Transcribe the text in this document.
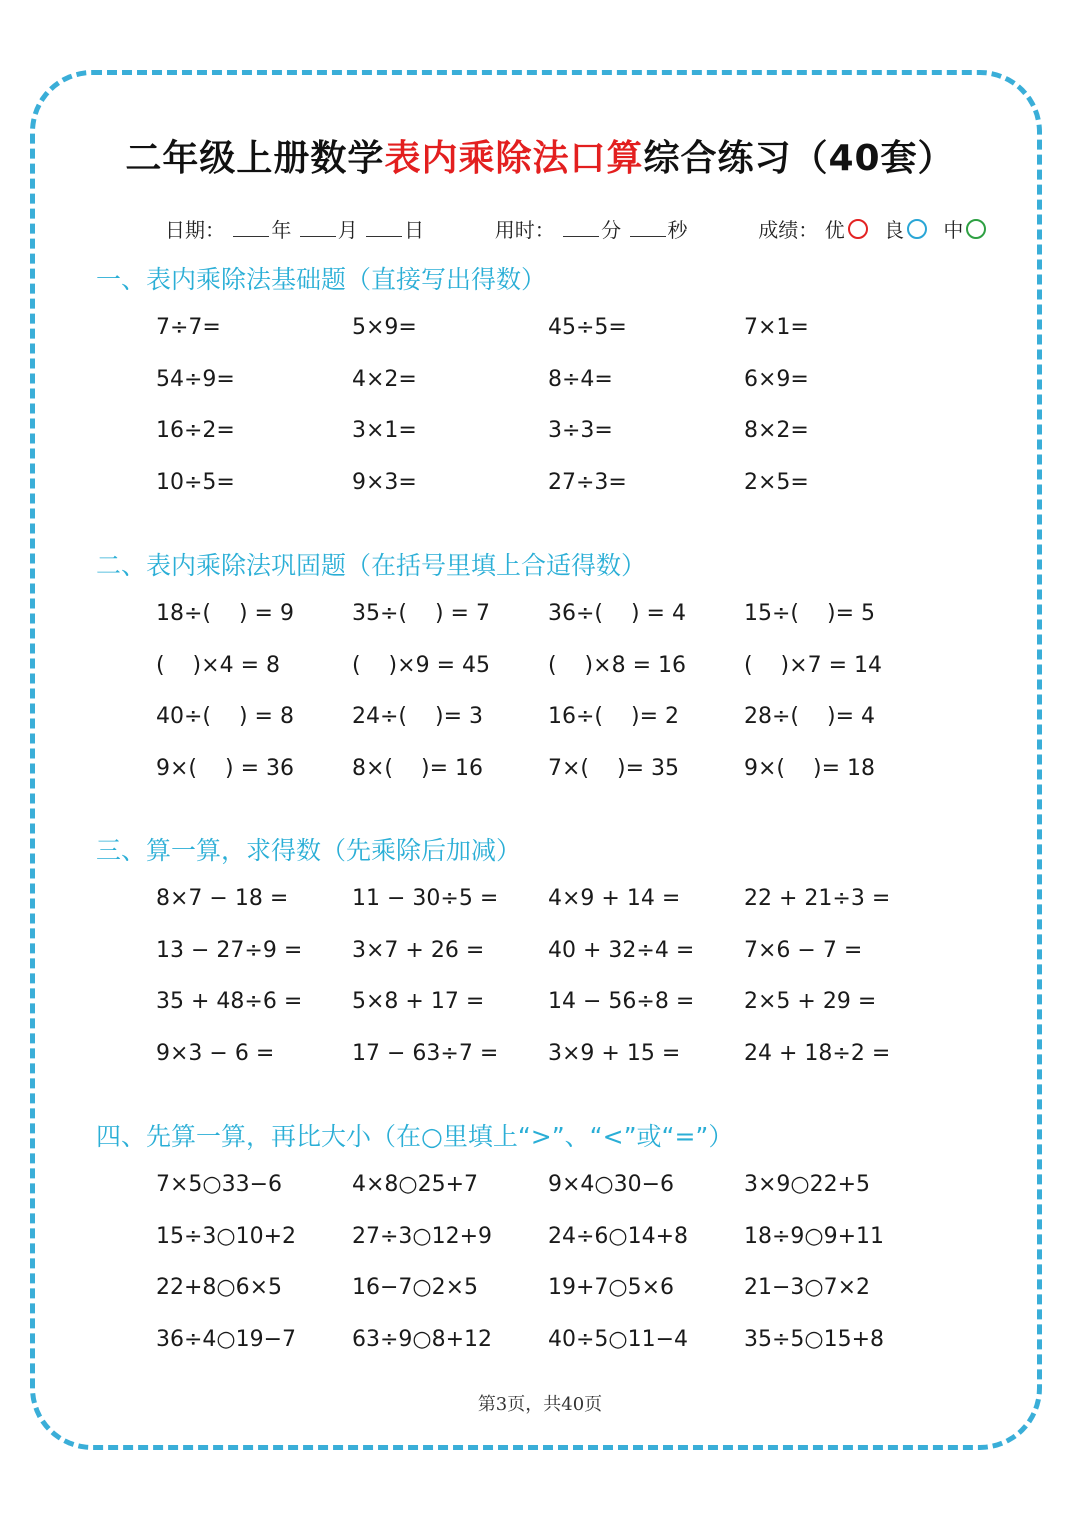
二年级上册数学表内乘除法口算综合练习（40套）
日期： 年 月 日	用时： 分 秒	成绩： 优 良 中
一、表内乘除法基础题（直接写出得数）
7÷7=	5×9=	45÷5=	7×1=
54÷9=	4×2=	8÷4=	6×9=
16÷2=	3×1=	3÷3=	8×2=
10÷5=	9×3=	27÷3=	2×5=
二、表内乘除法巩固题（在括号里填上合适得数）
18÷(    ) = 9	35÷(    ) = 7	36÷(    ) = 4	15÷(    )= 5
(    )×4 = 8	(    )×9 = 45	(    )×8 = 16	(    )×7 = 14
40÷(    ) = 8	24÷(    )= 3	16÷(    )= 2	28÷(    )= 4
9×(    ) = 36	8×(    )= 16	7×(    )= 35	9×(    )= 18
三、算一算，求得数（先乘除后加减）
8×7 − 18 =	11 − 30÷5 =	4×9 + 14 =	22 + 21÷3 =
13 − 27÷9 =	3×7 + 26 =	40 + 32÷4 =	7×6 − 7 =
35 + 48÷6 =	5×8 + 17 =	14 − 56÷8 =	2×5 + 29 =
9×3 − 6 =	17 − 63÷7 =	3×9 + 15 =	24 + 18÷2 =
四、先算一算，再比大小（在○里填上“>”、“<”或“=”）
7×5○33−6	4×8○25+7	9×4○30−6	3×9○22+5
15÷3○10+2	27÷3○12+9	24÷6○14+8	18÷9○9+11
22+8○6×5	16−7○2×5	19+7○5×6	21−3○7×2
36÷4○19−7	63÷9○8+12	40÷5○11−4	35÷5○15+8
第3页，共40页
